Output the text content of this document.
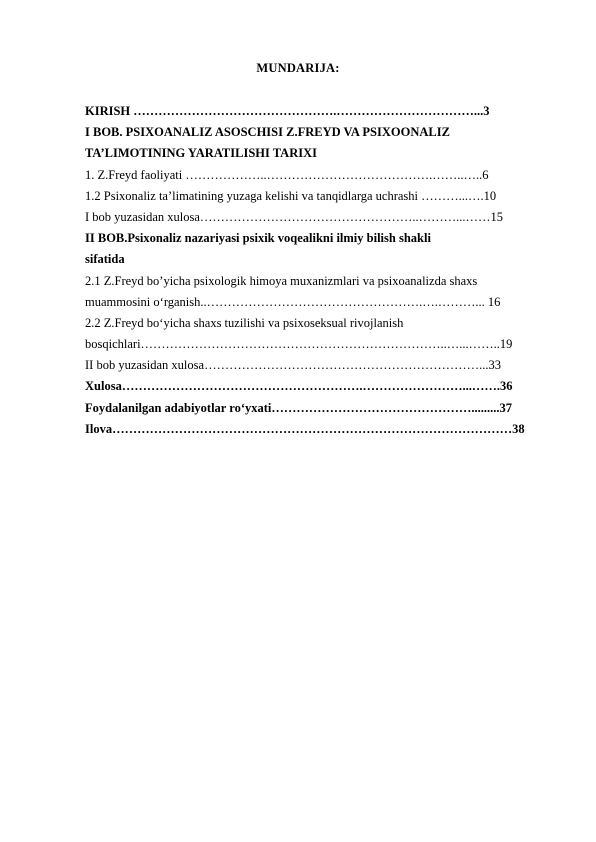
MUNDARIJA:
KIRISH ………………………………………….……………………………...3
I BOB. PSIXOANALIZ ASOSCHISI Z.FREYD VA PSIXOONALIZ
TA’LIMOTINING YARATILISHI TARIXI
1. Z.Freyd faoliyati ………………..………………………………….……..…..6
1.2 Psixonaliz ta’limatining yuzaga kelishi va tanqidlarga uchrashi ………...….10
I bob yuzasidan xulosa……………………………………………..………...……15
II BOB.Psixonaliz nazariyasi psixik voqealikni ilmiy bilish shakli
sifatida
2.1 Z.Freyd bo’yicha psixologik himoya muxanizmlari va psixoanalizda shaxs
muammosini o‘rganish..…………………………………………….….………... 16
2.2 Z.Freyd bo‘yicha shaxs tuzilishi va psixoseksual rivojlanish
bosqichlari………………………………………………………………..…...……..19
II bob yuzasidan xulosa…………………………………………………………...33
Xulosa………………………………………………….……………………...…….36
Foydalanilgan adabiyotlar ro‘yxati………………………………………….........37
Ilova……………………………………………………………………………………38
